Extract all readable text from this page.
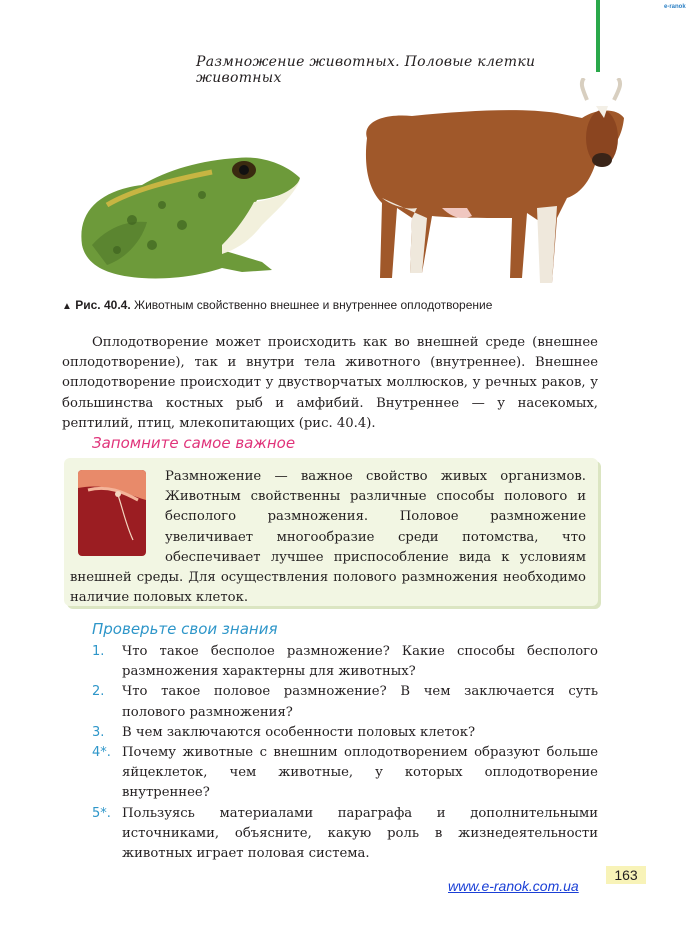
e-ranok
Размножение животных. Половые клетки животных
▲ Рис. 40.4. Животным свойственно внешнее и внутреннее оплодотворение

Оплодотворение может происходить как во внешней среде (внешнее оплодотворение), так и внутри тела животного (внутреннее). Внешнее оплодотворение происходит у двустворчатых моллюсков, у речных раков, у большинства костных рыб и амфибий. Внутреннее — у насекомых, рептилий, птиц, млекопитающих (рис. 40.4).

Запомните самое важное
Размножение — важное свойство живых организмов. Животным свойственны различные способы полового и бесполого размножения. Половое размножение увеличивает многообразие среди потомства, что обеспечивает лучшее приспособление вида к условиям внешней среды. Для осуществления полового размножения необходимо наличие половых клеток.
Проверьте свои знания
1. Что такое бесполое размножение? Какие способы бесполого размножения характерны для животных?
2. Что такое половое размножение? В чем заключается суть полового размножения?
3. В чем заключаются особенности половых клеток?
4*. Почему животные с внешним оплодотворением образуют больше яйцеклеток, чем животные, у которых оплодотворение внутреннее?
5*. Пользуясь материалами параграфа и дополнительными источниками, объясните, какую роль в жизнедеятельности животных играет половая система.
www.e-ranok.com.ua
163
